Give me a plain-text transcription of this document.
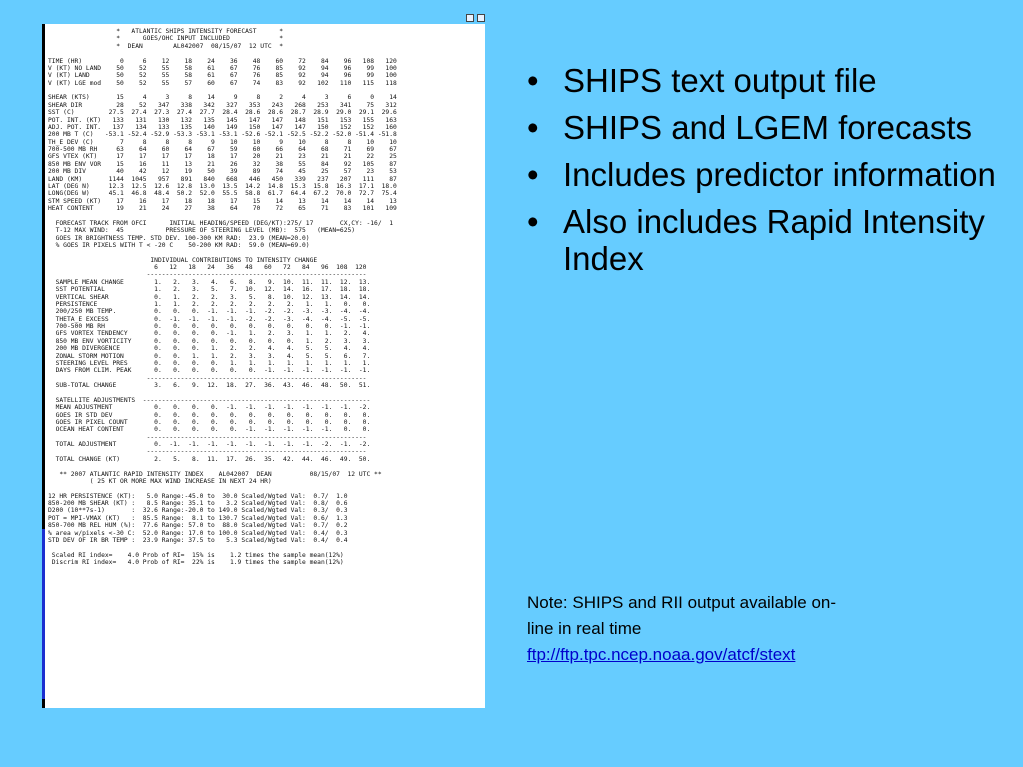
*   ATLANTIC SHIPS INTENSITY FORECAST      *
*      GOES/OHC INPUT INCLUDED             *
*  DEAN        AL042007  08/15/07  12 UTC  *

TIME (HR)          0     6    12    18    24    36    48    60    72    84    96   108   120
V (KT) NO LAND    50    52    55    58    61    67    76    85    92    94    96    99   100
V (KT) LAND       50    52    55    58    61    67    76    85    92    94    96    99   100
V (KT) LGE mod    50    52    55    57    60    67    74    83    92   102   110   115   118

SHEAR (KTS)       15     4     3     8    14     9     8     2     4     3     6     0    14
SHEAR DIR         28    52   347   338   342   327   353   243   268   253   341    75   312
SST (C)         27.5  27.4  27.3  27.4  27.7  28.4  28.6  28.6  28.7  28.9  29.0  29.1  29.6
POT. INT. (KT)   133   131   130   132   135   145   147   147   148   151   153   155   163
ADJ. POT. INT.   137   134   133   135   140   149   150   147   147   150   152   152   160
200 MB T (C)   -53.1 -52.4 -52.9 -53.3 -53.1 -53.1 -52.6 -52.1 -52.5 -52.2 -52.0 -51.4 -51.8
TH_E DEV (C)       7     8     8     8     9    10    10     9    10     8     8    10    10
700-500 MB RH     63    64    60    64    67    59    60    66    64    68    71    69    67
GFS VTEX (KT)     17    17    17    17    18    17    20    21    23    21    21    22    25
850 MB ENV VOR    15    16    11    13    21    26    32    38    55    84    92   105    87
200 MB DIV        40    42    12    19    50    39    89    74    45    25    57    23    53
LAND (KM)       1144  1045   957   891   840   668   446   450   339   237   207   111    87
LAT (DEG N)     12.3  12.5  12.6  12.8  13.0  13.5  14.2  14.8  15.3  15.8  16.3  17.1  18.0
LONG(DEG W)     45.1  46.8  48.4  50.2  52.0  55.5  58.8  61.7  64.4  67.2  70.0  72.7  75.4
STM SPEED (KT)    17    16    17    18    18    17    15    14    13    14    14    14    13
HEAT CONTENT      19    21    24    27    38    64    70    72    65    71    83   101   109

FORECAST TRACK FROM OFCI      INITIAL HEADING/SPEED (DEG/KT):275/ 17       CX,CY: -16/  1
T-12 MAX WIND:  45           PRESSURE OF STEERING LEVEL (MB):  575   (MEAN=625)
GOES IR BRIGHTNESS TEMP. STD DEV. 100-300 KM RAD:  23.9 (MEAN=20.0)
% GOES IR PIXELS WITH T < -20 C    50-200 KM RAD:  59.0 (MEAN=69.0)

INDIVIDUAL CONTRIBUTIONS TO INTENSITY CHANGE
6   12   18   24   36   48   60   72   84   96  108  120
----------------------------------------------------------
SAMPLE MEAN CHANGE        1.   2.   3.   4.   6.   8.   9.  10.  11.  11.  12.  13.
SST POTENTIAL             1.   2.   3.   5.   7.  10.  12.  14.  16.  17.  18.  18.
VERTICAL SHEAR            0.   1.   2.   2.   3.   5.   8.  10.  12.  13.  14.  14.
PERSISTENCE               1.   1.   2.   2.   2.   2.   2.   2.   1.   1.   0.   0.
200/250 MB TEMP.          0.   0.   0.  -1.  -1.  -1.  -2.  -2.  -3.  -3.  -4.  -4.
THETA_E EXCESS            0.  -1.  -1.  -1.  -1.  -2.  -2.  -3.  -4.  -4.  -5.  -5.
700-500 MB RH             0.   0.   0.   0.   0.   0.   0.   0.   0.   0.  -1.  -1.
GFS VORTEX TENDENCY       0.   0.   0.   0.  -1.   1.   2.   3.   1.   1.   2.   4.
850 MB ENV VORTICITY      0.   0.   0.   0.   0.   0.   0.   0.   1.   2.   3.   3.
200 MB DIVERGENCE         0.   0.   0.   1.   2.   2.   4.   4.   5.   5.   4.   4.
ZONAL STORM MOTION        0.   0.   1.   1.   2.   3.   3.   4.   5.   5.   6.   7.
STEERING LEVEL PRES       0.   0.   0.   0.   1.   1.   1.   1.   1.   1.   1.   1.
DAYS FROM CLIM. PEAK      0.   0.   0.   0.   0.   0.  -1.  -1.  -1.  -1.  -1.  -1.
----------------------------------------------------------
SUB-TOTAL CHANGE          3.   6.   9.  12.  18.  27.  36.  43.  46.  48.  50.  51.

SATELLITE ADJUSTMENTS  ------------------------------------------------------------
MEAN ADJUSTMENT           0.   0.   0.   0.  -1.  -1.  -1.  -1.  -1.  -1.  -1.  -2.
GOES IR STD DEV           0.   0.   0.   0.   0.   0.   0.   0.   0.   0.   0.   0.
GOES IR PIXEL COUNT       0.   0.   0.   0.   0.   0.   0.   0.   0.   0.   0.   0.
OCEAN HEAT CONTENT        0.   0.   0.   0.   0.  -1.  -1.  -1.  -1.  -1.   0.   0.
----------------------------------------------------------
TOTAL ADJUSTMENT          0.  -1.  -1.  -1.  -1.  -1.  -1.  -1.  -1.  -2.  -1.  -2.
----------------------------------------------------------
TOTAL CHANGE (KT)         2.   5.   8.  11.  17.  26.  35.  42.  44.  46.  49.  50.

** 2007 ATLANTIC RAPID INTENSITY INDEX    AL042007  DEAN          08/15/07  12 UTC **
( 25 KT OR MORE MAX WIND INCREASE IN NEXT 24 HR)

12 HR PERSISTENCE (KT):   5.0 Range:-45.0 to  30.0 Scaled/Wgted Val:  0.7/  1.0
850-200 MB SHEAR (KT) :   8.5 Range: 35.1 to   3.2 Scaled/Wgted Val:  0.8/  0.6
D200 (10**7s-1)       :  32.6 Range:-20.0 to 149.0 Scaled/Wgted Val:  0.3/  0.3
POT = MPI-VMAX (KT)   :  85.5 Range:  8.1 to 130.7 Scaled/Wgted Val:  0.6/  1.3
850-700 MB REL HUM (%):  77.6 Range: 57.0 to  88.0 Scaled/Wgted Val:  0.7/  0.2
% area w/pixels <-30 C:  52.0 Range: 17.0 to 100.0 Scaled/Wgted Val:  0.4/  0.3
STD DEV OF IR BR TEMP :  23.9 Range: 37.5 to   5.3 Scaled/Wgted Val:  0.4/  0.4

Scaled RI index=    4.0 Prob of RI=  15% is    1.2 times the sample mean(12%)
Discrim RI index=   4.0 Prob of RI=  22% is    1.9 times the sample mean(12%)
• SHIPS text output file
• SHIPS and LGEM forecasts
• Includes predictor information
• Also includes Rapid Intensity Index
Note: SHIPS and RII output available on-
line in real time
ftp://ftp.tpc.ncep.noaa.gov/atcf/stext
